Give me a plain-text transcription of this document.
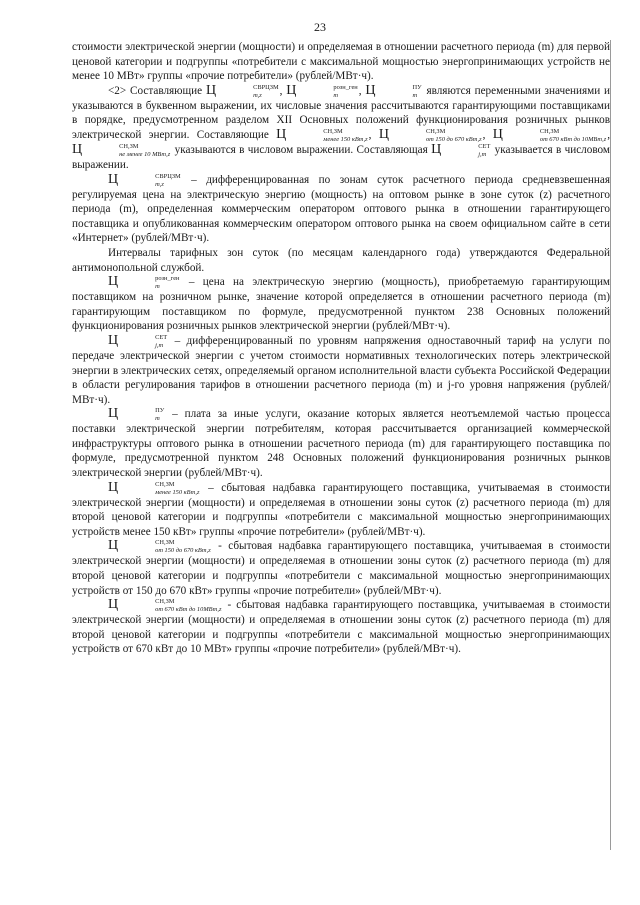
23

стоимости электрической энергии (мощности) и определяемая в отношении расчетного периода (m) для первой ценовой категории и подгруппы «потребители с максимальной мощностью энергопринимающих устройств не менее 10 МВт» группы «прочие потребители» (рублей/МВт·ч).

<2> Составляющие Ц	СВРЦЗМ
m,z	, Ц	розн_ген
m	, Ц	ПУ
m являются переменными значениями и указываются в буквенном выражении, их числовые значения рассчитываются гарантирующими поставщиками в порядке, предусмотренном разделом XII Основных положений функционирования розничных рынков электрической энергии. Составляющие Ц	СН,ЗМ
менее 150 кВт,z , Ц	СН,ЗМ
от 150 до 670 кВт,z , Ц	СН,ЗМ
от 670 кВт до 10МВт,z , Ц	СН,ЗМ
не менее 10 МВт,z указываются в числовом выражении. Составляющая Ц	СЕТ
j,m указывается в числовом выражении.

Ц	СВРЦЗМ
m,z	– дифференцированная по зонам суток расчетного периода средневзвешенная регулируемая цена на электрическую энергию (мощность) на оптовом рынке в зоне суток (z) расчетного периода (m), определенная коммерческим оператором оптового рынка в отношении гарантирующего поставщика и опубликованная коммерческим оператором оптового рынка на своем официальном сайте в сети «Интернет» (рублей/МВт·ч).

Интервалы тарифных зон суток (по месяцам календарного года) утверждаются Федеральной антимонопольной службой.

Ц	розн_ген
m	– цена на электрическую энергию (мощность), приобретаемую гарантирующим поставщиком на розничном рынке, значение которой определяется в отношении расчетного периода (m) гарантирующим поставщиком по формуле, предусмотренной пунктом 238 Основных положений функционирования розничных рынков электрической энергии (рублей/МВт·ч).

Ц	СЕТ
j,m	– дифференцированный по уровням напряжения одноставочный тариф на услуги по передаче электрической энергии с учетом стоимости нормативных технологических потерь электрической энергии в электрических сетях, определяемый органом исполнительной власти субъекта Российской Федерации в области регулирования тарифов в отношении расчетного периода (m) и j-го уровня напряжения (рублей/МВт·ч).

Ц	ПУ
m	– плата за иные услуги, оказание которых является неотъемлемой частью процесса поставки электрической энергии потребителям, которая рассчитывается организацией коммерческой инфраструктуры оптового рынка в отношении расчетного периода (m) для гарантирующего поставщика по формуле, предусмотренной пунктом 248 Основных положений функционирования розничных рынков электрической энергии (рублей/МВт·ч).

Ц	СН,ЗМ
менее 150 кВт,z – сбытовая надбавка гарантирующего поставщика, учитываемая в стоимости электрической энергии (мощности) и определяемая в отношении зоны суток (z) расчетного периода (m) для второй ценовой категории и подгруппы «потребители с максимальной мощностью энергопринимающих устройств менее 150 кВт» группы «прочие потребители» (рублей/МВт·ч).

Ц	СН,ЗМ
от 150 до 670 кВт,z - сбытовая надбавка гарантирующего поставщика, учитываемая в стоимости электрической энергии (мощности) и определяемая в отношении зоны суток (z) расчетного периода (m) для второй ценовой категории и подгруппы «потребители с максимальной мощностью энергопринимающих устройств от 150 до 670 кВт» группы «прочие потребители» (рублей/МВт·ч).

Ц	СН,ЗМ
от 670 кВт до 10МВт,z - сбытовая надбавка гарантирующего поставщика, учитываемая в стоимости электрической энергии (мощности) и определяемая в отношении зоны суток (z) расчетного периода (m) для второй ценовой категории и подгруппы «потребители с максимальной мощностью энергопринимающих устройств от 670 кВт до 10 МВт» группы «прочие потребители» (рублей/МВт·ч).
